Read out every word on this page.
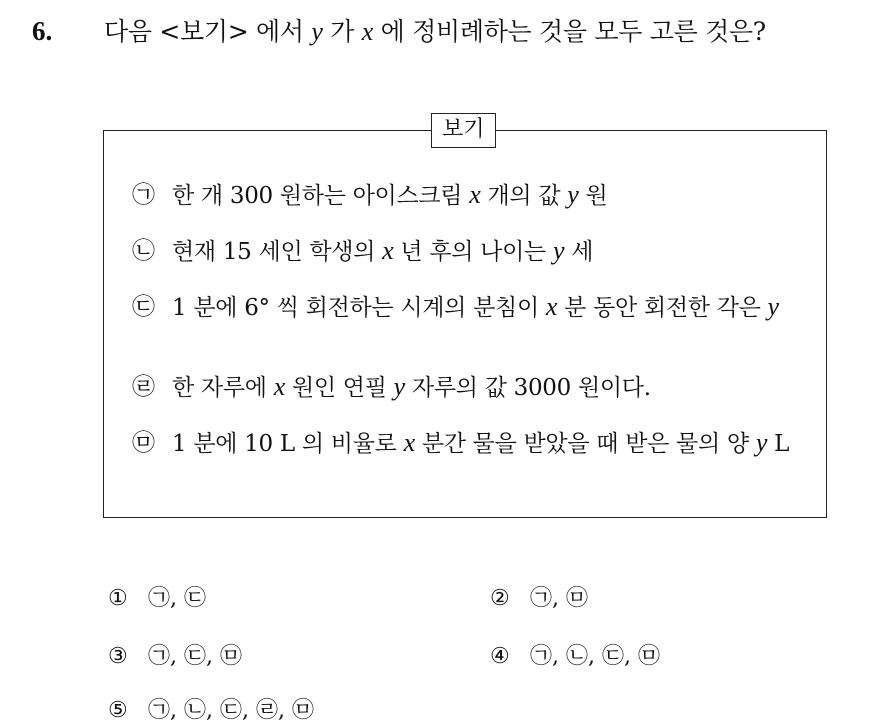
6. 다음 <보기> 에서 y 가 x 에 정비례하는 것을 모두 고른 것은?
보기
㉠ 한 개 300 원하는 아이스크림 x 개의 값 y 원
㉡ 현재 15 세인 학생의 x 년 후의 나이는 y 세
㉢ 1 분에 6° 씩 회전하는 시계의 분침이 x 분 동안 회전한 각은 y
㉣ 한 자루에 x 원인 연필 y 자루의 값 3000 원이다.
㉤ 1 분에 10 L 의 비율로 x 분간 물을 받았을 때 받은 물의 양 y L
① ㉠, ㉢	② ㉠, ㉤
③ ㉠, ㉢, ㉤	④ ㉠, ㉡, ㉢, ㉤
⑤ ㉠, ㉡, ㉢, ㉣, ㉤
